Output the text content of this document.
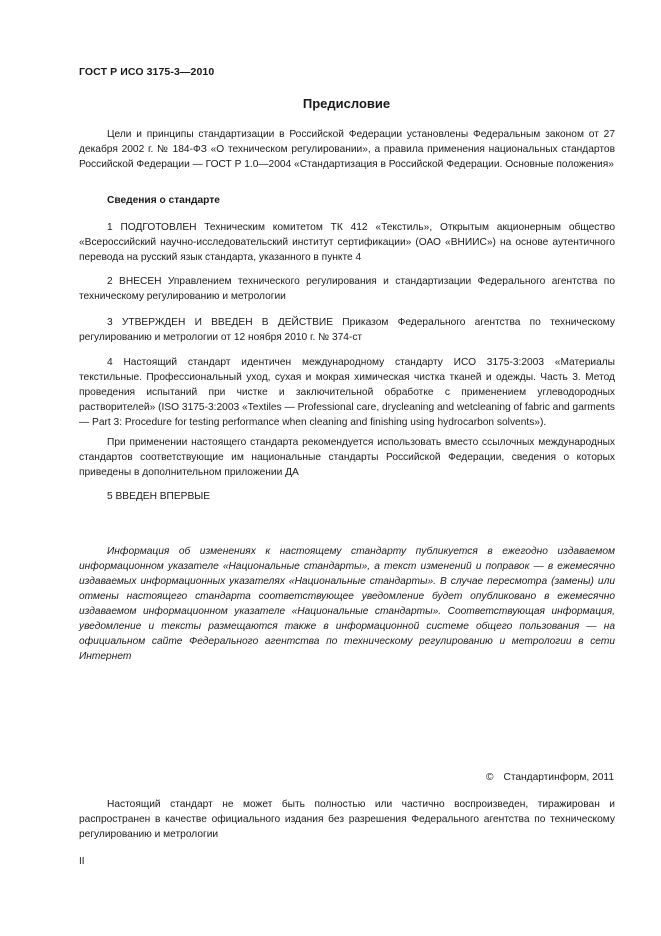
ГОСТ Р ИСО 3175-3—2010
Предисловие

Цели и принципы стандартизации в Российской Федерации установлены Федеральным законом от 27 декабря 2002 г. № 184-ФЗ «О техническом регулировании», а правила применения национальных стандартов Российской Федерации — ГОСТ Р 1.0—2004 «Стандартизация в Российской Федерации. Основные положения»

Сведения о стандарте

1 ПОДГОТОВЛЕН Техническим комитетом ТК 412 «Текстиль», Открытым акционерным общество «Всероссийский научно-исследовательский институт сертификации» (ОАО «ВНИИС») на основе аутентичного перевода на русский язык стандарта, указанного в пункте 4

2 ВНЕСЕН Управлением технического регулирования и стандартизации Федерального агентства по техническому регулированию и метрологии

3 УТВЕРЖДЕН И ВВЕДЕН В ДЕЙСТВИЕ Приказом Федерального агентства по техническому регулированию и метрологии от 12 ноября 2010 г. № 374-ст

4 Настоящий стандарт идентичен международному стандарту ИСО 3175-3:2003 «Материалы текстильные. Профессиональный уход, сухая и мокрая химическая чистка тканей и одежды. Часть 3. Метод проведения испытаний при чистке и заключительной обработке с применением углеводородных растворителей» (ISO 3175-3:2003 «Textiles — Professional care, drycleaning and wetcleaning of fabric and garments — Part 3: Procedure for testing performance when cleaning and finishing using hydrocarbon solvents»).

При применении настоящего стандарта рекомендуется использовать вместо ссылочных международных стандартов соответствующие им национальные стандарты Российской Федерации, сведения о которых приведены в дополнительном приложении ДА

5 ВВЕДЕН ВПЕРВЫЕ

Информация об изменениях к настоящему стандарту публикуется в ежегодно издаваемом информационном указателе «Национальные стандарты», а текст изменений и поправок — в ежемесячно издаваемых информационных указателях «Национальные стандарты». В случае пересмотра (замены) или отмены настоящего стандарта соответствующее уведомление будет опубликовано в ежемесячно издаваемом информационном указателе «Национальные стандарты». Соответствующая информация, уведомление и тексты размещаются также в информационной системе общего пользования — на официальном сайте Федерального агентства по техническому регулированию и метрологии в сети Интернет

© Стандартинформ, 2011

Настоящий стандарт не может быть полностью или частично воспроизведен, тиражирован и распространен в качестве официального издания без разрешения Федерального агентства по техническому регулированию и метрологии

II
